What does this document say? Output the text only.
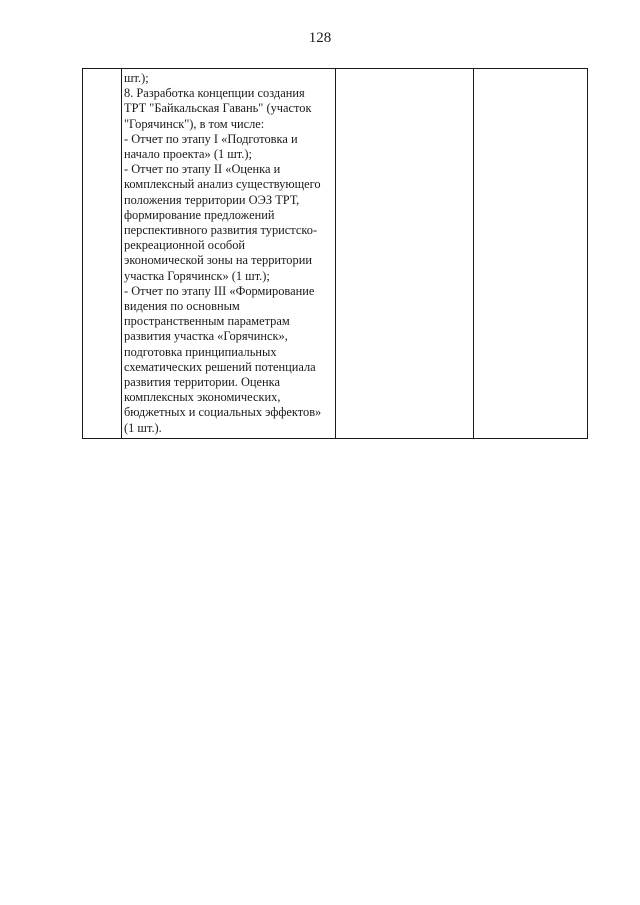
128

шт.);
8. Разработка концепции создания
ТРТ "Байкальская Гавань" (участок
"Горячинск"), в том числе:
- Отчет по этапу I «Подготовка и
начало проекта» (1 шт.);
- Отчет по этапу II «Оценка и
комплексный анализ существующего
положения территории ОЭЗ ТРТ,
формирование предложений
перспективного развития туристско-
рекреационной особой
экономической зоны на территории
участка Горячинск» (1 шт.);
- Отчет по этапу III «Формирование
видения по основным
пространственным параметрам
развития участка «Горячинск»,
подготовка принципиальных
схематических решений потенциала
развития территории. Оценка
комплексных экономических,
бюджетных и социальных эффектов»
(1 шт.).
